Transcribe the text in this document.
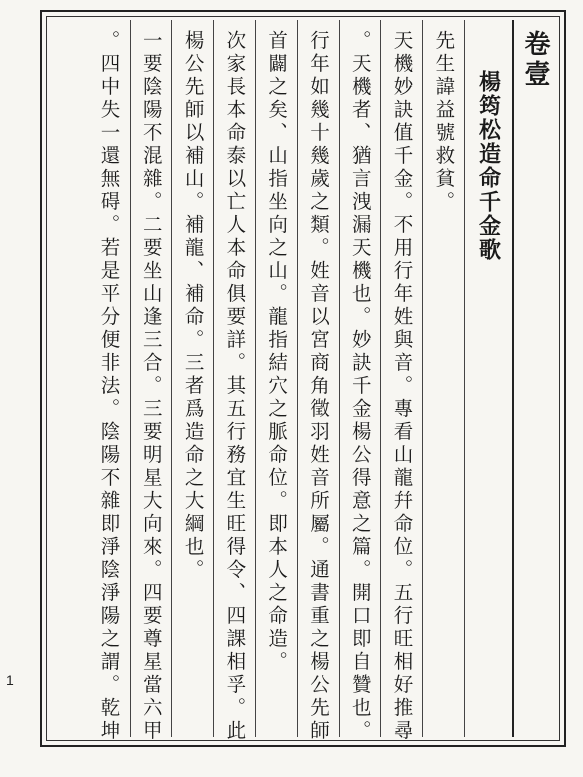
卷壹
楊筠松造命千金歌
先生諱益號救貧。
天機妙訣值千金。不用行年姓與音。專看山龍幷命位。五行旺相好推尋
。天機者、猶言洩漏天機也。妙訣千金楊公得意之篇。開口即自贊也。
行年如幾十幾歲之類。姓音以宮商角徵羽姓音所屬。通書重之楊公先師
首闢之矣、山指坐向之山。龍指結穴之脈命位。即本人之命造。
次家長本命泰以亡人本命俱要詳。其五行務宜生旺得令、四課相孚。此
楊公先師以補山。補龍、補命。三者爲造命之大綱也。
一要陰陽不混雜。二要坐山逢三合。三要明星大向來。四要尊星當六甲
。四中失一還無碍。若是平分便非法。陰陽不雜即淨陰淨陽之謂。乾坤
1
